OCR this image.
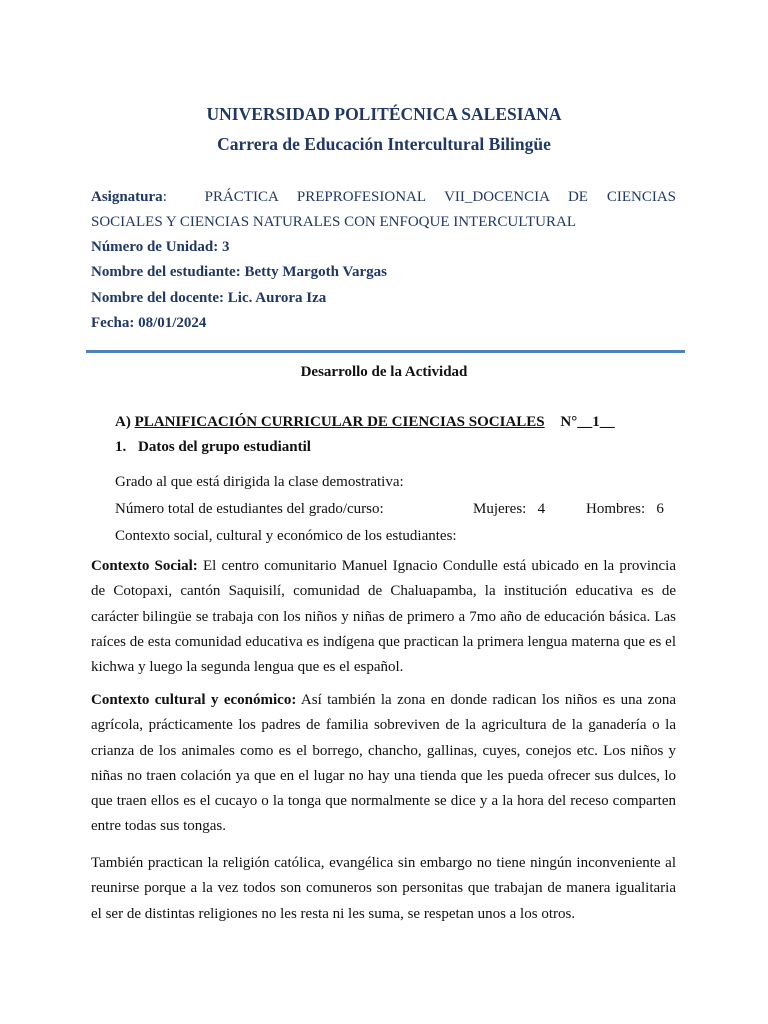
UNIVERSIDAD POLITÉCNICA SALESIANA
Carrera de Educación Intercultural Bilingüe
Asignatura:  PRÁCTICA PREPROFESIONAL VII_DOCENCIA DE CIENCIAS
SOCIALES Y CIENCIAS NATURALES CON ENFOQUE INTERCULTURAL
Número de Unidad: 3
Nombre del estudiante: Betty Margoth Vargas
Nombre del docente: Lic. Aurora Iza
Fecha: 08/01/2024
Desarrollo de la Actividad
A) PLANIFICACIÓN CURRICULAR DE CIENCIAS SOCIALES N°__1__
1. Datos del grupo estudiantil
Grado al que está dirigida la clase demostrativa:
Número total de estudiantes del grado/curso:	Mujeres:   4	Hombres:   6
Contexto social, cultural y económico de los estudiantes:
Contexto Social: El centro comunitario Manuel Ignacio Condulle está ubicado en la provincia de Cotopaxi, cantón Saquisilí, comunidad de Chaluapamba, la institución educativa es de carácter bilingüe se trabaja con los niños y niñas de primero a 7mo año de educación básica. Las raíces de esta comunidad educativa es indígena que practican la primera lengua materna que es el kichwa y luego la segunda lengua que es el español.
Contexto cultural y económico: Así también la zona en donde radican los niños es una zona agrícola, prácticamente los padres de familia sobreviven de la agricultura de la ganadería o la crianza de los animales como es el borrego, chancho, gallinas, cuyes, conejos etc. Los niños y niñas no traen colación ya que en el lugar no hay una tienda que les pueda ofrecer sus dulces, lo que traen ellos es el cucayo o la tonga que normalmente se dice y a la hora del receso comparten entre todas sus tongas.
También practican la religión católica, evangélica sin embargo no tiene ningún inconveniente al reunirse porque a la vez todos son comuneros son personitas que trabajan de manera igualitaria el ser de distintas religiones no les resta ni les suma, se respetan unos a los otros.
